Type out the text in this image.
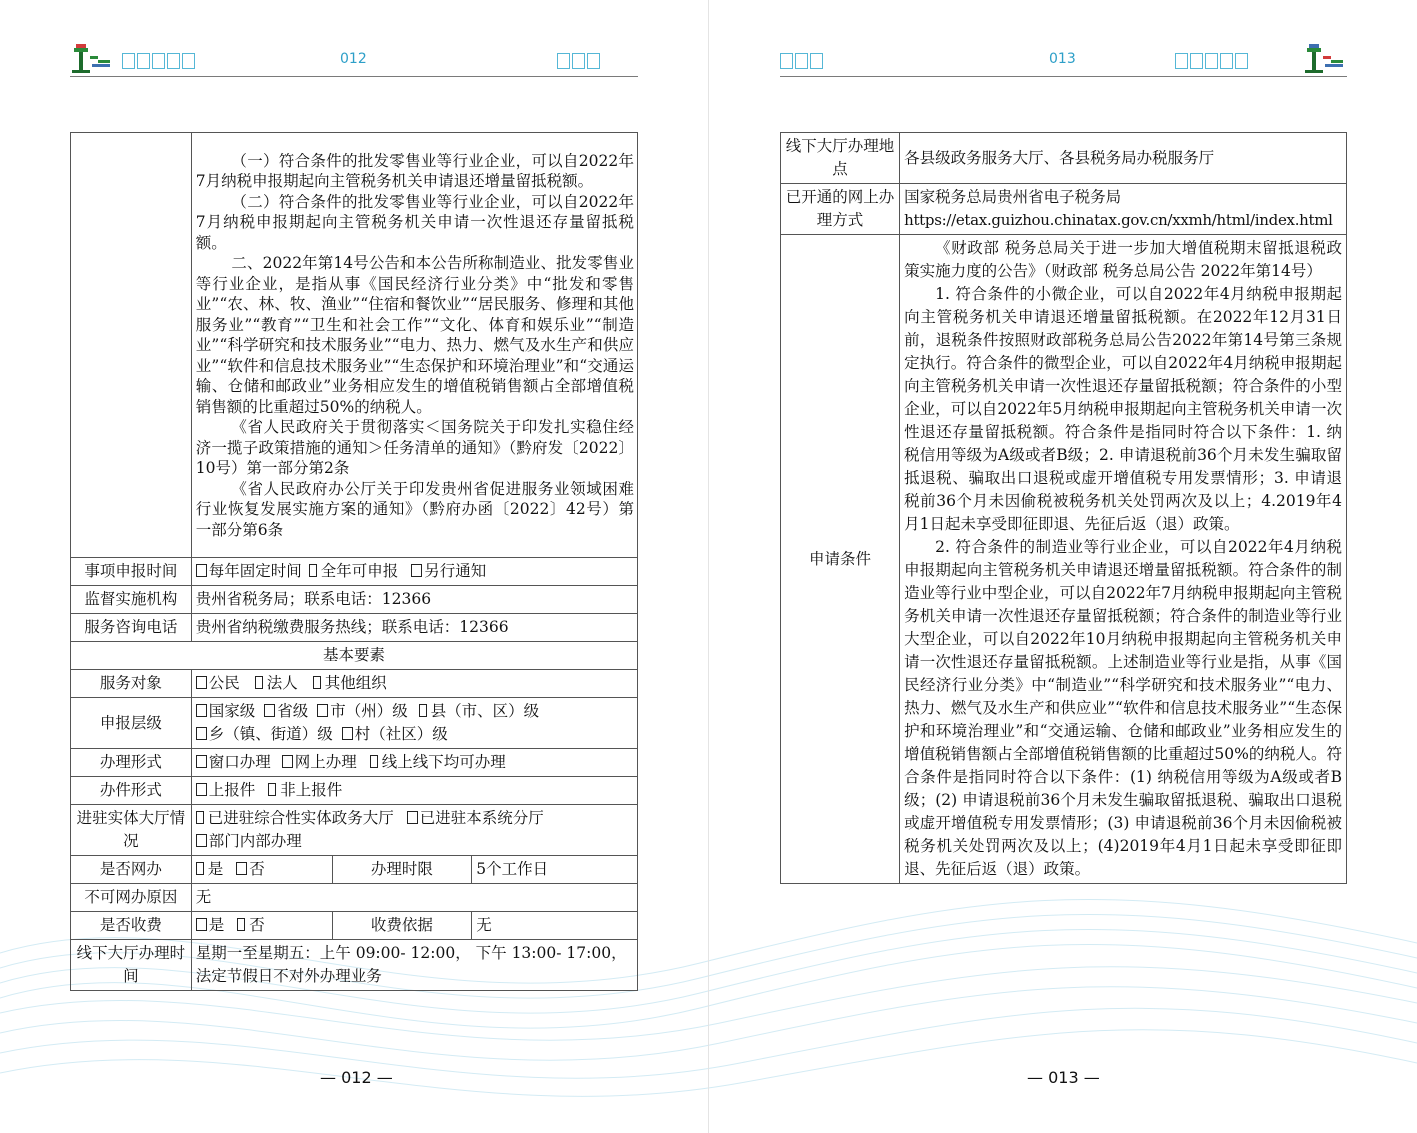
012

	（一）符合条件的批发零售业等行业企业，可以自2022年7月纳税申报期起向主管税务机关申请退还增量留抵税额。
（二）符合条件的批发零售业等行业企业，可以自2022年7月纳税申报期起向主管税务机关申请一次性退还存量留抵税额。
二、2022年第14号公告和本公告所称制造业、批发零售业等行业企业，是指从事《国民经济行业分类》中“批发和零售业”“农、林、牧、渔业”“住宿和餐饮业”“居民服务、修理和其他服务业”“教育”“卫生和社会工作”“文化、体育和娱乐业”“制造业”“科学研究和技术服务业”“电力、热力、燃气及水生产和供应业”“软件和信息技术服务业”“生态保护和环境治理业”和“交通运输、仓储和邮政业”业务相应发生的增值税销售额占全部增值税销售额的比重超过50%的纳税人。
《省人民政府关于贯彻落实＜国务院关于印发扎实稳住经济一揽子政策措施的通知＞任务清单的通知》（黔府发〔2022〕10号）第一部分第2条
《省人民政府办公厅关于印发贵州省促进服务业领域困难行业恢复发展实施方案的通知》（黔府办函〔2022〕42号）第一部分第6条		

事项申报时间	每年固定时间 全年可申报 另行通知		
监督实施机构	贵州省税务局；联系电话：12366		
服务咨询电话	贵州省纳税缴费服务热线；联系电话：12366		
基本要素			
服务对象	公民 法人 其他组织		
申报层级	国家级 省级 市（州）级 县（市、区）级
乡（镇、街道）级 村（社区）级		
办理形式	窗口办理 网上办理 线上线下均可办理		
办件形式	上报件 非上报件		
进驻实体大厅情况	已进驻综合性实体政务大厅 已进驻本系统分厅
部门内部办理		
是否网办	是 否	办理时限	5个工作日
不可网办原因	无		
是否收费	是 否	收费依据	无
线下大厅办理时间	星期一至星期五：上午 09:00- 12:00， 下午 13:00- 17:00，
法定节假日不对外办理业务		
— 012 —
013
线下大厅办理地点	各县级政务服务大厅、各县税务局办税服务厅
已开通的网上办理方式	国家税务总局贵州省电子税务局
https://etax.guizhou.chinatax.gov.cn/xxmh/html/index.html
申请条件	《财政部 税务总局关于进一步加大增值税期末留抵退税政策实施力度的公告》（财政部 税务总局公告 2022年第14号）
1. 符合条件的小微企业，可以自2022年4月纳税申报期起向主管税务机关申请退还增量留抵税额。在2022年12月31日前，退税条件按照财政部税务总局公告2022年第14号第三条规定执行。符合条件的微型企业，可以自2022年4月纳税申报期起向主管税务机关申请一次性退还存量留抵税额；符合条件的小型企业，可以自2022年5月纳税申报期起向主管税务机关申请一次性退还存量留抵税额。符合条件是指同时符合以下条件：1. 纳税信用等级为A级或者B级；2. 申请退税前36个月未发生骗取留抵退税、骗取出口退税或虚开增值税专用发票情形；3. 申请退税前36个月未因偷税被税务机关处罚两次及以上；4.2019年4月1日起未享受即征即退、先征后返（退）政策。
2. 符合条件的制造业等行业企业，可以自2022年4月纳税申报期起向主管税务机关申请退还增量留抵税额。符合条件的制造业等行业中型企业，可以自2022年7月纳税申报期起向主管税务机关申请一次性退还存量留抵税额；符合条件的制造业等行业大型企业，可以自2022年10月纳税申报期起向主管税务机关申请一次性退还存量留抵税额。上述制造业等行业是指，从事《国民经济行业分类》中“制造业”“科学研究和技术服务业”“电力、热力、燃气及水生产和供应业”“软件和信息技术服务业”“生态保护和环境治理业”和“交通运输、仓储和邮政业”业务相应发生的增值税销售额占全部增值税销售额的比重超过50%的纳税人。符合条件是指同时符合以下条件：(1) 纳税信用等级为A级或者B级；(2) 申请退税前36个月未发生骗取留抵退税、骗取出口退税或虚开增值税专用发票情形；(3) 申请退税前36个月未因偷税被税务机关处罚两次及以上；(4)2019年4月1日起未享受即征即退、先征后返（退）政策。
— 013 —
